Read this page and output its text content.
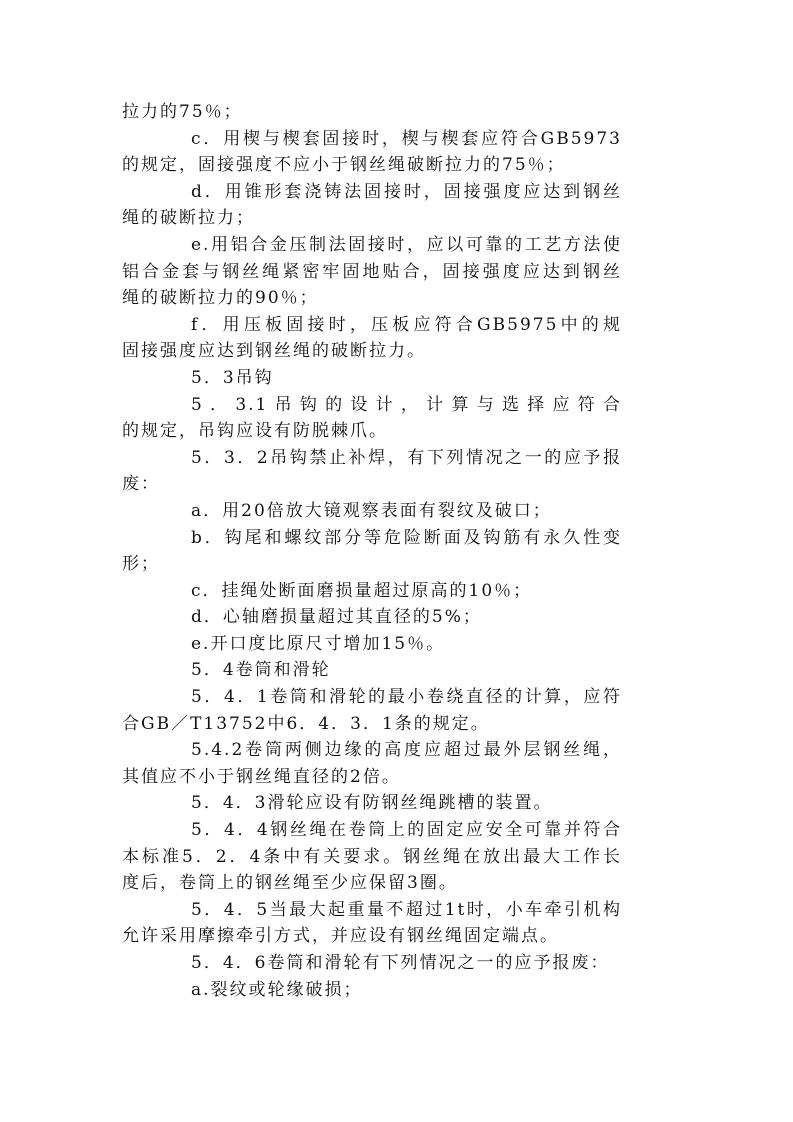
拉力的75％；
c．用楔与楔套固接时，楔与楔套应符合GB5973
的规定，固接强度不应小于钢丝绳破断拉力的75％；
d．用锥形套浇铸法固接时，固接强度应达到钢丝
绳的破断拉力；
e.用铝合金压制法固接时，应以可靠的工艺方法使
铝合金套与钢丝绳紧密牢固地贴合，固接强度应达到钢丝
绳的破断拉力的90％；
f．用压板固接时，压板应符合GB5975中的规
固接强度应达到钢丝绳的破断拉力。
5．3吊钩
5．3.1吊钩的设计，计算与选择应符合
的规定，吊钩应设有防脱棘爪。
5．3．2吊钩禁止补焊，有下列情况之一的应予报
废：
a．用20倍放大镜观察表面有裂纹及破口；
b．钩尾和螺纹部分等危险断面及钩筋有永久性变
形；
c．挂绳处断面磨损量超过原高的10％；
d．心轴磨损量超过其直径的5%；
e.开口度比原尺寸增加15％。
5．4卷筒和滑轮
5．4．1卷筒和滑轮的最小卷绕直径的计算，应符
合GB／T13752中6．4．3．1条的规定。
5.4.2卷筒两侧边缘的高度应超过最外层钢丝绳，
其值应不小于钢丝绳直径的2倍。
5．4．3滑轮应设有防钢丝绳跳槽的装置。
5．4．4钢丝绳在卷筒上的固定应安全可靠并符合
本标准5．2．4条中有关要求。钢丝绳在放出最大工作长
度后，卷筒上的钢丝绳至少应保留3圈。
5．4．5当最大起重量不超过1t时，小车牵引机构
允许采用摩擦牵引方式，并应设有钢丝绳固定端点。
5．4．6卷筒和滑轮有下列情况之一的应予报废：
a.裂纹或轮缘破损；
